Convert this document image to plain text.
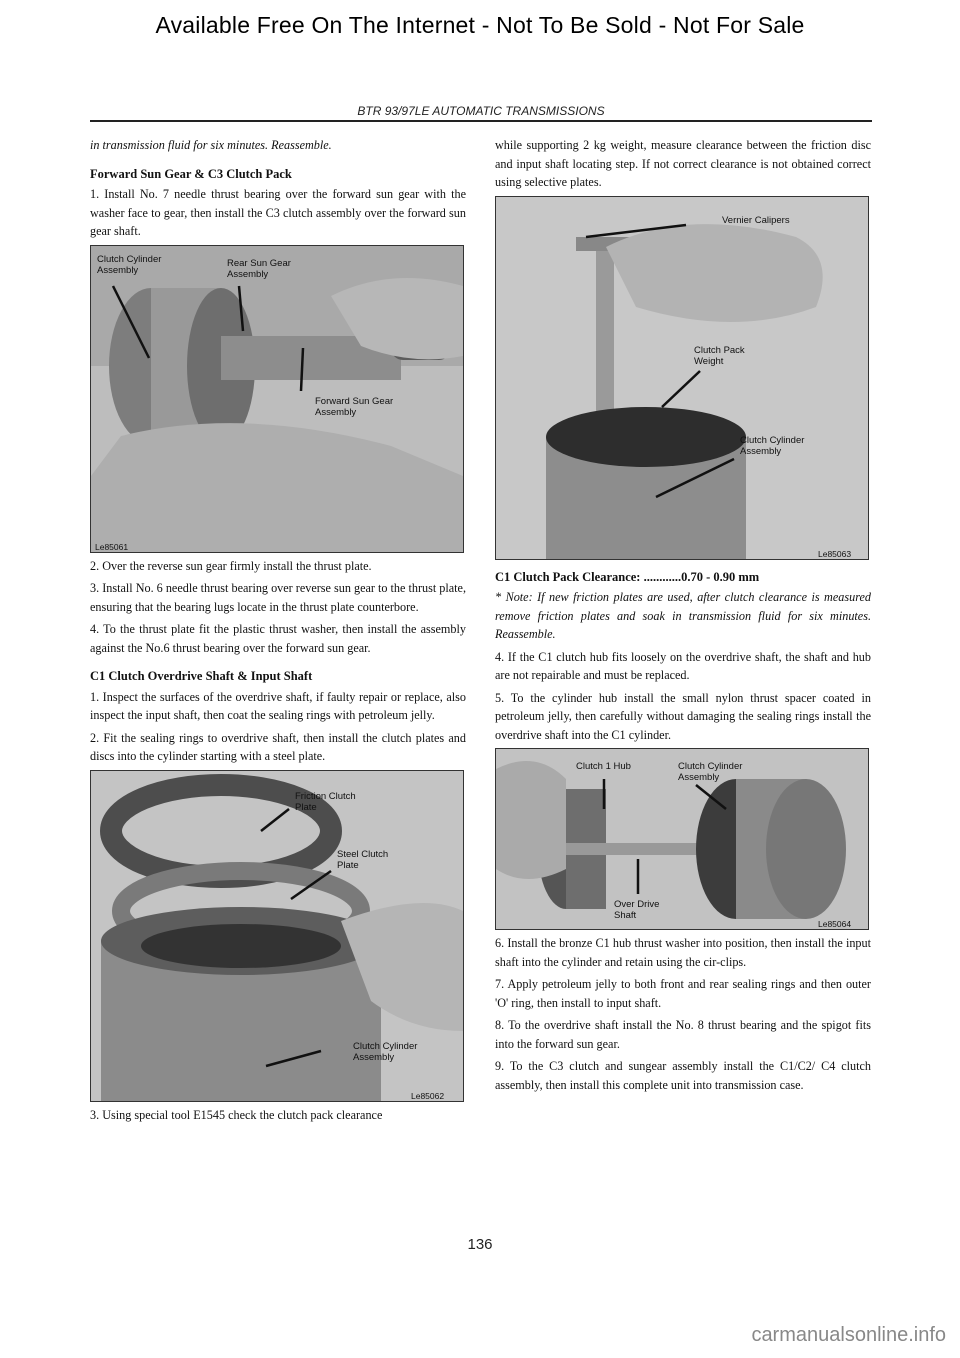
Available Free On The Internet - Not To Be Sold - Not For Sale
BTR 93/97LE AUTOMATIC TRANSMISSIONS

in transmission fluid for six minutes. Reassemble.

Forward Sun Gear & C3 Clutch Pack

1. Install No. 7 needle thrust bearing over the forward sun gear with the washer face to gear, then install the C3 clutch assembly over the forward sun gear shaft.

Clutch Cylinder Assembly
Rear Sun Gear Assembly
Forward Sun Gear Assembly
Le85061

2. Over the reverse sun gear firmly install the thrust plate.

3. Install No. 6 needle thrust bearing over reverse sun gear to the thrust plate, ensuring that the bearing lugs locate in the thrust plate counterbore.

4. To the thrust plate fit the plastic thrust washer, then install the assembly against the No.6 thrust bearing over the forward sun gear.

C1 Clutch Overdrive Shaft & Input Shaft

1. Inspect the surfaces of the overdrive shaft, if faulty repair or replace, also inspect the input shaft, then coat the sealing rings with petroleum jelly.

2. Fit the sealing rings to overdrive shaft, then install the clutch plates and discs into the cylinder starting with a steel plate.

Friction Clutch Plate
Steel Clutch Plate
Clutch Cylinder Assembly
Le85062

3. Using special tool E1545 check the clutch pack clearance

while supporting 2 kg weight, measure clearance between the friction disc and input shaft locating step. If not correct clearance is not obtained correct using selective plates.

Vernier Calipers
Clutch Pack Weight
Clutch Cylinder Assembly
Le85063

C1 Clutch Pack Clearance: ............0.70 - 0.90 mm

* Note: If new friction plates are used, after clutch clearance is measured remove friction plates and soak in transmission fluid for six minutes. Reassemble.

4. If the C1 clutch hub fits loosely on the overdrive shaft, the shaft and hub are not repairable and must be replaced.

5. To the cylinder hub install the small nylon thrust spacer coated in petroleum jelly, then carefully without damaging the sealing rings install the overdrive shaft into the C1 cylinder.

Clutch 1 Hub	Clutch Cylinder Assembly
Over Drive Shaft
Le85064

6. Install the bronze C1 hub thrust washer into position, then install the input shaft into the cylinder and retain using the cir-clips.

7. Apply petroleum jelly to both front and rear sealing rings and then outer 'O' ring, then install to input shaft.

8. To the overdrive shaft install the No. 8 thrust bearing and the spigot fits into the forward sun gear.

9. To the C3 clutch and sungear assembly install the C1/C2/ C4 clutch assembly, then install this complete unit into transmission case.

136
carmanualsonline.info
